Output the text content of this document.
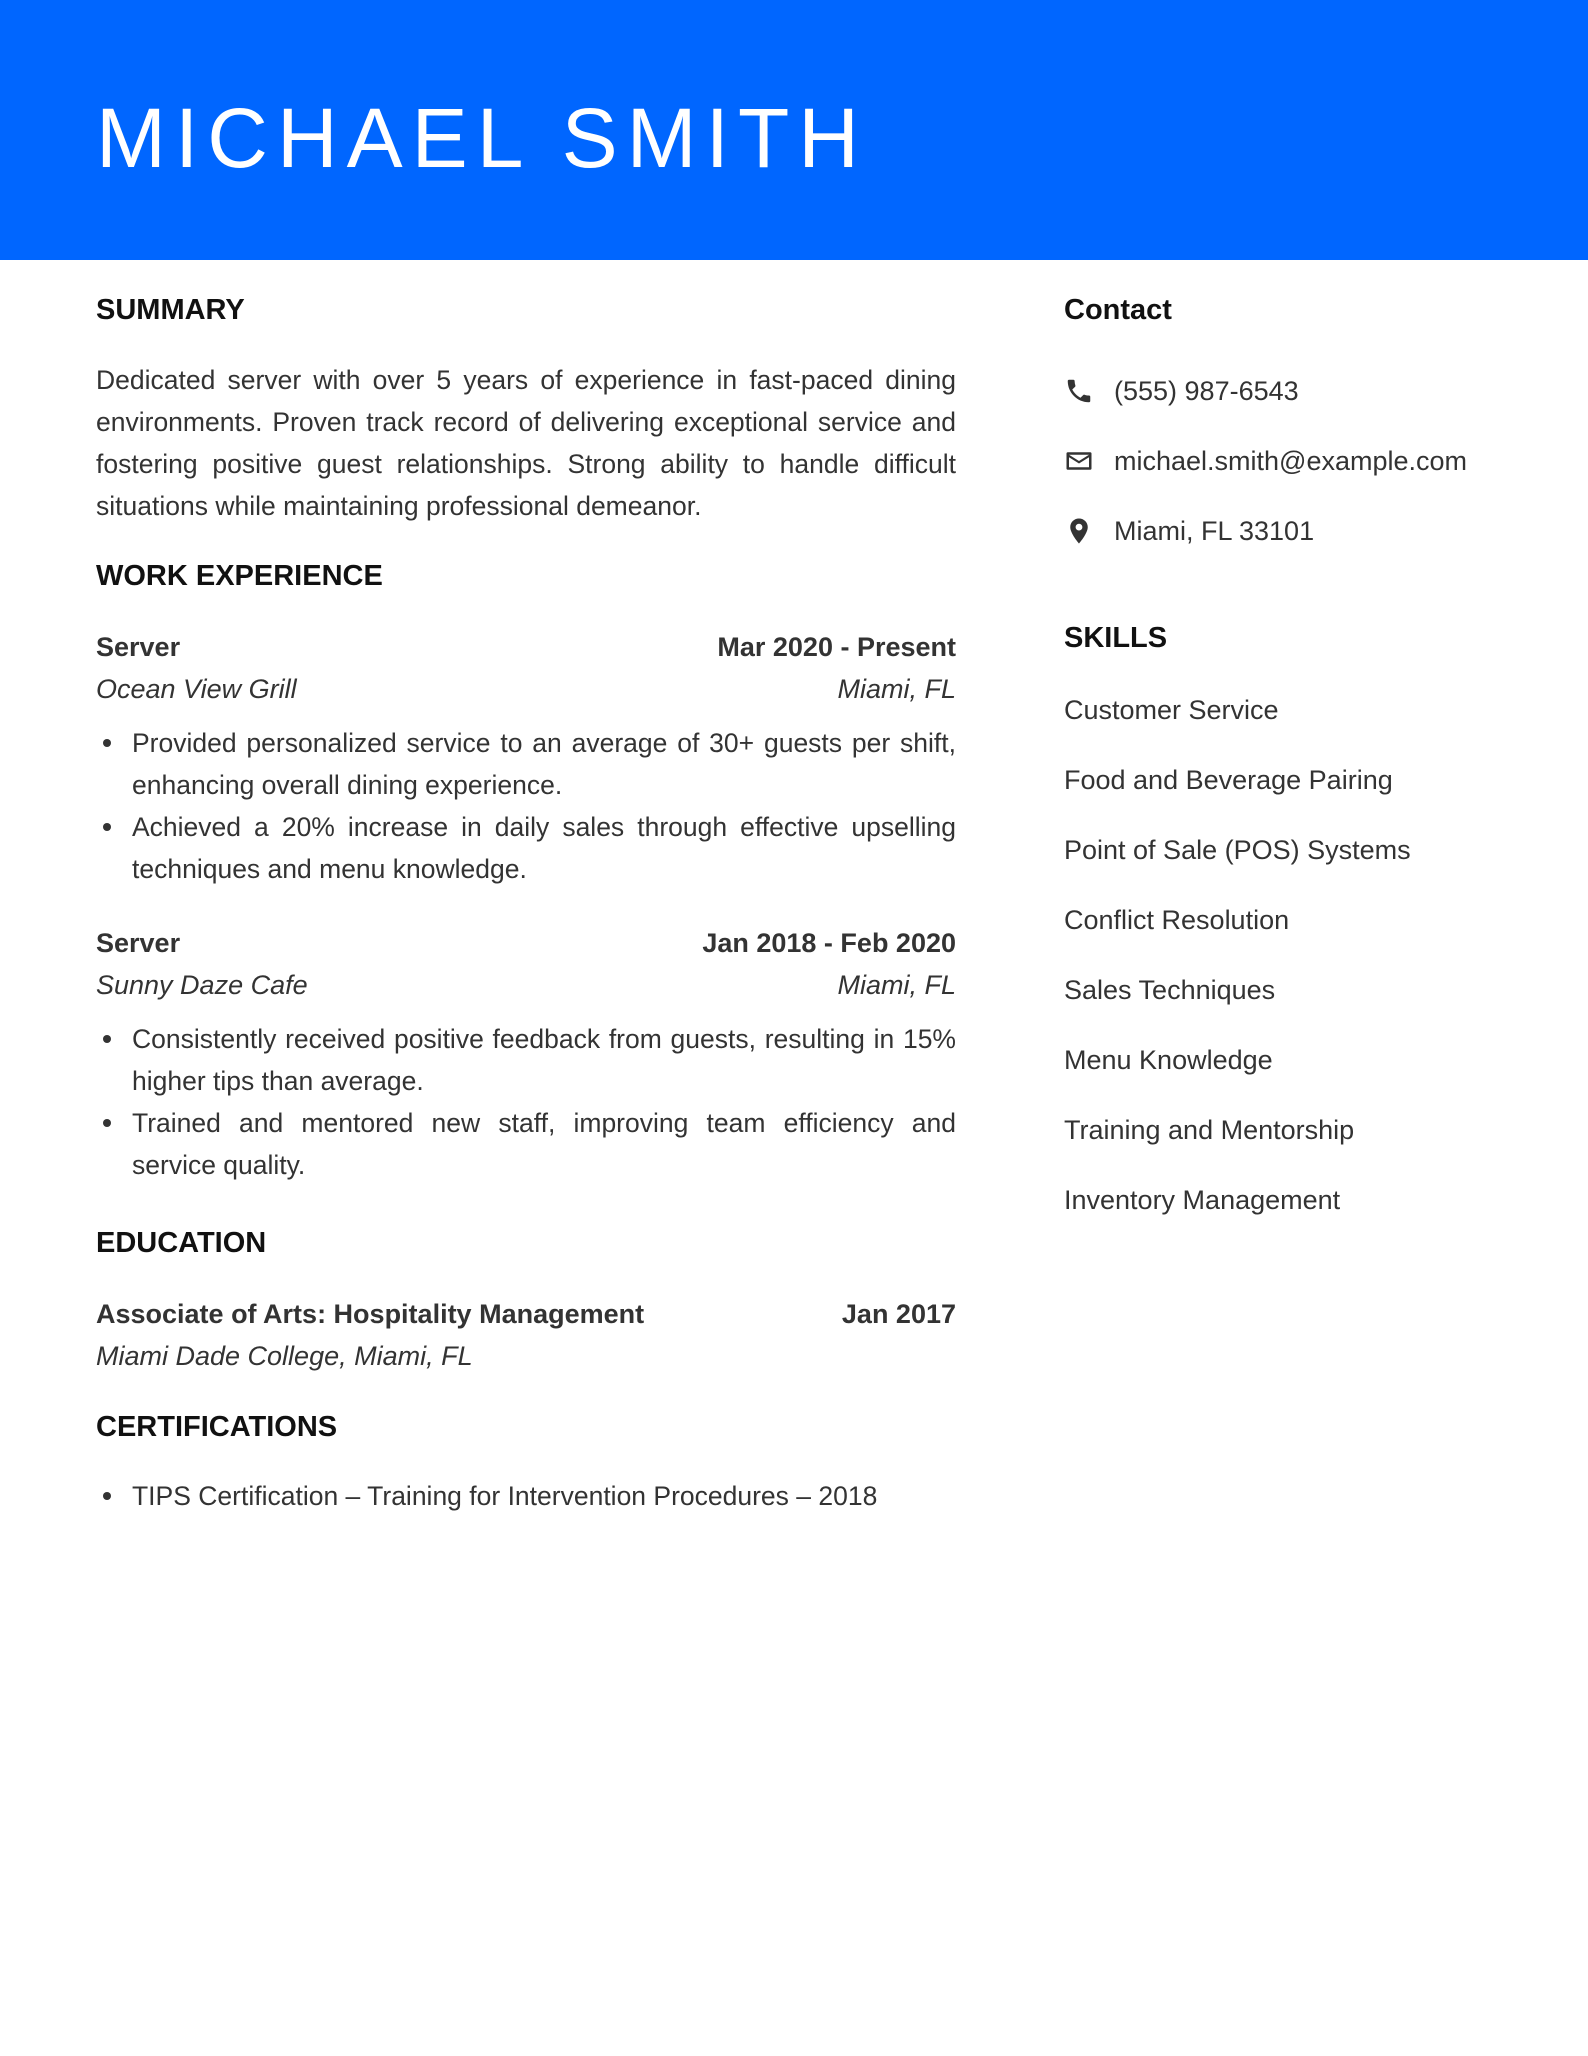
MICHAEL SMITH
SUMMARY

Dedicated server with over 5 years of experience in fast-paced dining environments. Proven track record of delivering exceptional service and fostering positive guest relationships. Strong ability to handle difficult situations while maintaining professional demeanor.

WORK EXPERIENCE
Server	Mar 2020 - Present
Ocean View Grill	Miami, FL
Provided personalized service to an average of 30+ guests per shift, enhancing overall dining experience.
Achieved a 20% increase in daily sales through effective upselling techniques and menu knowledge.
Server	Jan 2018 - Feb 2020
Sunny Daze Cafe	Miami, FL
Consistently received positive feedback from guests, resulting in 15% higher tips than average.
Trained and mentored new staff, improving team efficiency and service quality.
EDUCATION
Associate of Arts: Hospitality Management	Jan 2017
Miami Dade College, Miami, FL
CERTIFICATIONS
TIPS Certification – Training for Intervention Procedures – 2018
Contact
(555) 987-6543
michael.smith@example.com
Miami, FL 33101
SKILLS
Customer Service
Food and Beverage Pairing
Point of Sale (POS) Systems
Conflict Resolution
Sales Techniques
Menu Knowledge
Training and Mentorship
Inventory Management
